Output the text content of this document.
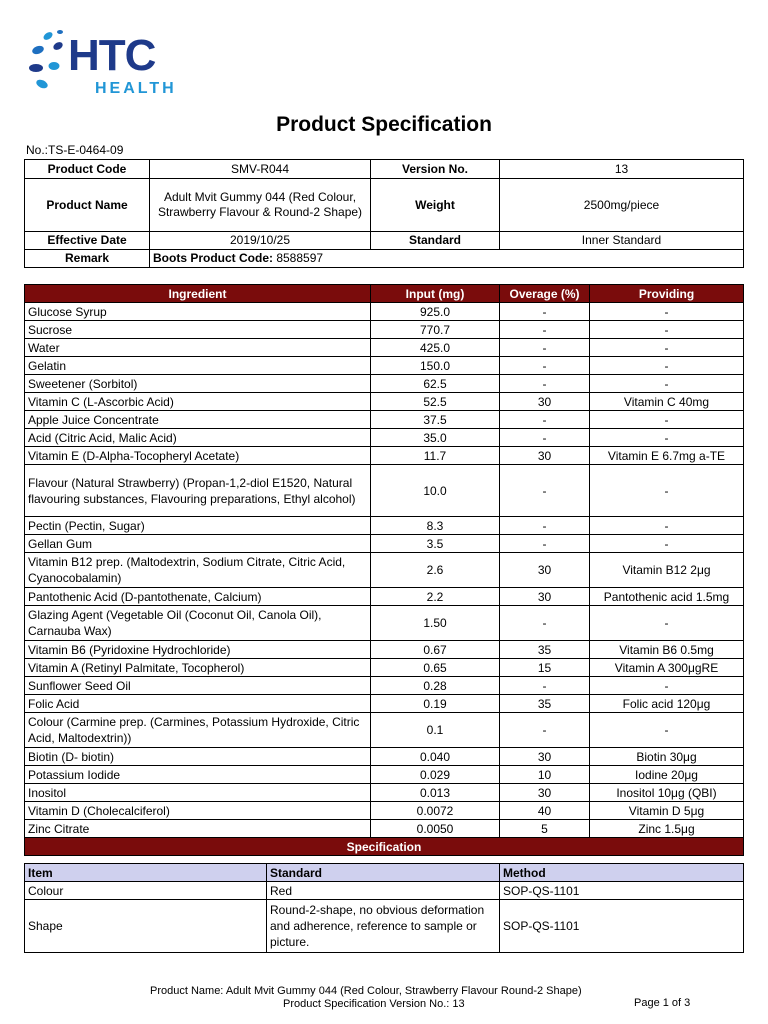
HTC
HEALTH
Product Specification
No.:TS-E-0464-09
Product Code	SMV-R044	Version No.	13
Product Name	Adult Mvit Gummy 044 (Red Colour, Strawberry Flavour & Round-2 Shape)	Weight	2500mg/piece
Effective Date	2019/10/25	Standard	Inner Standard
Remark	Boots Product Code: 8588597		
Ingredient	Input (mg)	Overage (%)	Providing
Glucose Syrup	925.0	-	-
Sucrose	770.7	-	-
Water	425.0	-	-
Gelatin	150.0	-	-
Sweetener (Sorbitol)	62.5	-	-
Vitamin C (L-Ascorbic Acid)	52.5	30	Vitamin C 40mg
Apple Juice Concentrate	37.5	-	-
Acid (Citric Acid, Malic Acid)	35.0	-	-
Vitamin E (D-Alpha-Tocopheryl Acetate)	11.7	30	Vitamin E 6.7mg a-TE
Flavour (Natural Strawberry) (Propan-1,2-diol E1520, Natural flavouring substances, Flavouring preparations, Ethyl alcohol)	10.0	-	-
Pectin (Pectin, Sugar)	8.3	-	-
Gellan Gum	3.5	-	-
Vitamin B12 prep. (Maltodextrin, Sodium Citrate, Citric Acid, Cyanocobalamin)	2.6	30	Vitamin B12 2μg
Pantothenic Acid (D-pantothenate, Calcium)	2.2	30	Pantothenic acid 1.5mg
Glazing Agent (Vegetable Oil (Coconut Oil, Canola Oil), Carnauba Wax)	1.50	-	-
Vitamin B6 (Pyridoxine Hydrochloride)	0.67	35	Vitamin B6 0.5mg
Vitamin A (Retinyl Palmitate, Tocopherol)	0.65	15	Vitamin A 300μgRE
Sunflower Seed Oil	0.28	-	-
Folic Acid	0.19	35	Folic acid 120μg
Colour (Carmine prep. (Carmines, Potassium Hydroxide, Citric Acid, Maltodextrin))	0.1	-	-
Biotin (D- biotin)	0.040	30	Biotin 30μg
Potassium Iodide	0.029	10	Iodine 20μg
Inositol	0.013	30	Inositol 10μg (QBI)
Vitamin D (Cholecalciferol)	0.0072	40	Vitamin D 5μg
Zinc Citrate	0.0050	5	Zinc 1.5μg
Specification			
Item	Standard	Method
Colour	Red	SOP-QS-1101
Shape	Round-2-shape, no obvious deformation and adherence, reference to sample or picture.	SOP-QS-1101
Product Name: Adult Mvit Gummy 044 (Red Colour, Strawberry Flavour Round-2 Shape)
Product Specification Version No.: 13	Page 1 of 3
